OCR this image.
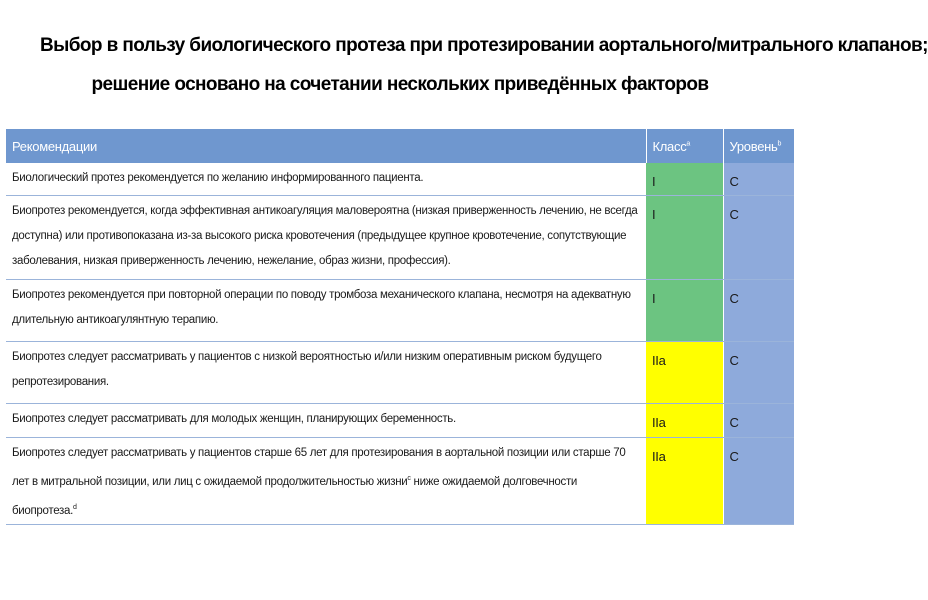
Выбор в пользу биологического протеза при протезировании аортального/митрального клапанов;
решение основано на сочетании нескольких приведённых факторов
Рекомендации	Класс$^a$	Уровень$^b$
Биологический протез рекомендуется по желанию информированного пациента.	I	C
Биопротез рекомендуется, когда эффективная антикоагуляция маловероятна (низкая приверженность лечению, не всегда доступна) или противопоказана из-за высокого риска кровотечения (предыдущее крупное кровотечение, сопутствующие заболевания, низкая приверженность лечению, нежелание, образ жизни, профессия).	I	C
Биопротез рекомендуется при повторной операции по поводу тромбоза механического клапана, несмотря на адекватную длительную антикоагулянтную терапию.	I	C
Биопротез следует рассматривать у пациентов с низкой вероятностью и/или низким оперативным риском будущего репротезирования.	IIa	C
Биопротез следует рассматривать для молодых женщин, планирующих беременность.	IIa	C
Биопротез следует рассматривать у пациентов старше 65 лет для протезирования в аортальной позиции или старше 70 лет в митральной позиции, или лиц с ожидаемой продолжительностью жизни$^c$ ниже ожидаемой долговечности биопротеза.$^d$	IIa	C
